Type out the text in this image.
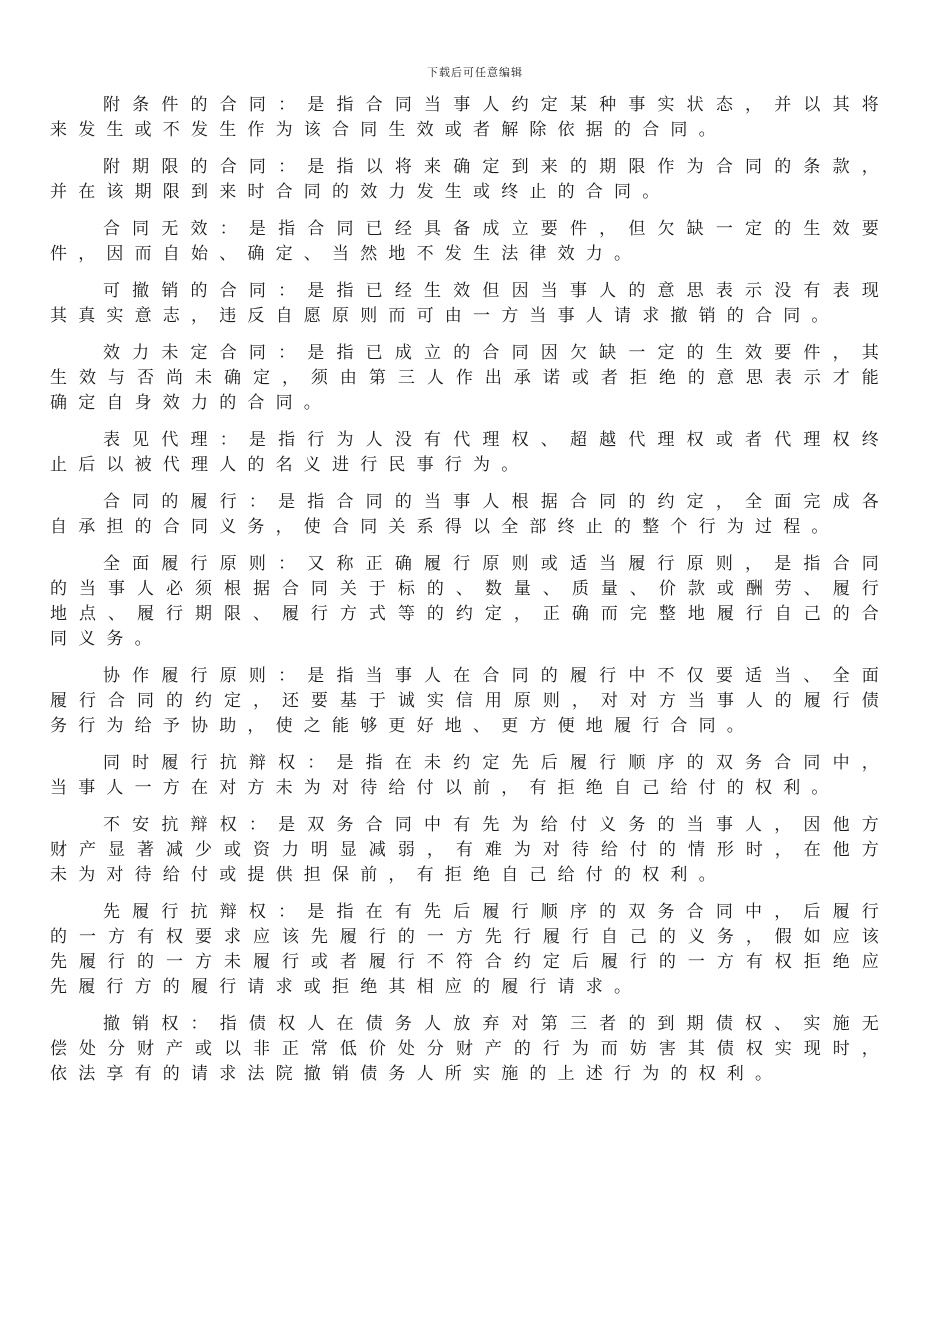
下载后可任意编辑

附条件的合同：是指合同当事人约定某种事实状态，并以其将来发生或不发生作为该合同生效或者解除依据的合同。

附期限的合同：是指以将来确定到来的期限作为合同的条款，并在该期限到来时合同的效力发生或终止的合同。

合同无效：是指合同已经具备成立要件，但欠缺一定的生效要件，因而自始、确定、当然地不发生法律效力。

可撤销的合同：是指已经生效但因当事人的意思表示没有表现其真实意志，违反自愿原则而可由一方当事人请求撤销的合同。

效力未定合同：是指已成立的合同因欠缺一定的生效要件，其生效与否尚未确定，须由第三人作出承诺或者拒绝的意思表示才能确定自身效力的合同。

表见代理：是指行为人没有代理权、超越代理权或者代理权终止后以被代理人的名义进行民事行为。

合同的履行：是指合同的当事人根据合同的约定，全面完成各自承担的合同义务，使合同关系得以全部终止的整个行为过程。

全面履行原则：又称正确履行原则或适当履行原则，是指合同的当事人必须根据合同关于标的、数量、质量、价款或酬劳、履行地点、履行期限、履行方式等的约定，正确而完整地履行自己的合同义务。

协作履行原则：是指当事人在合同的履行中不仅要适当、全面履行合同的约定，还要基于诚实信用原则，对对方当事人的履行债务行为给予协助，使之能够更好地、更方便地履行合同。

同时履行抗辩权：是指在未约定先后履行顺序的双务合同中，当事人一方在对方未为对待给付以前，有拒绝自己给付的权利。

不安抗辩权：是双务合同中有先为给付义务的当事人，因他方财产显著减少或资力明显减弱，有难为对待给付的情形时，在他方未为对待给付或提供担保前，有拒绝自己给付的权利。

先履行抗辩权：是指在有先后履行顺序的双务合同中，后履行的一方有权要求应该先履行的一方先行履行自己的义务，假如应该先履行的一方未履行或者履行不符合约定后履行的一方有权拒绝应先履行方的履行请求或拒绝其相应的履行请求。

撤销权：指债权人在债务人放弃对第三者的到期债权、实施无偿处分财产或以非正常低价处分财产的行为而妨害其债权实现时，依法享有的请求法院撤销债务人所实施的上述行为的权利。
